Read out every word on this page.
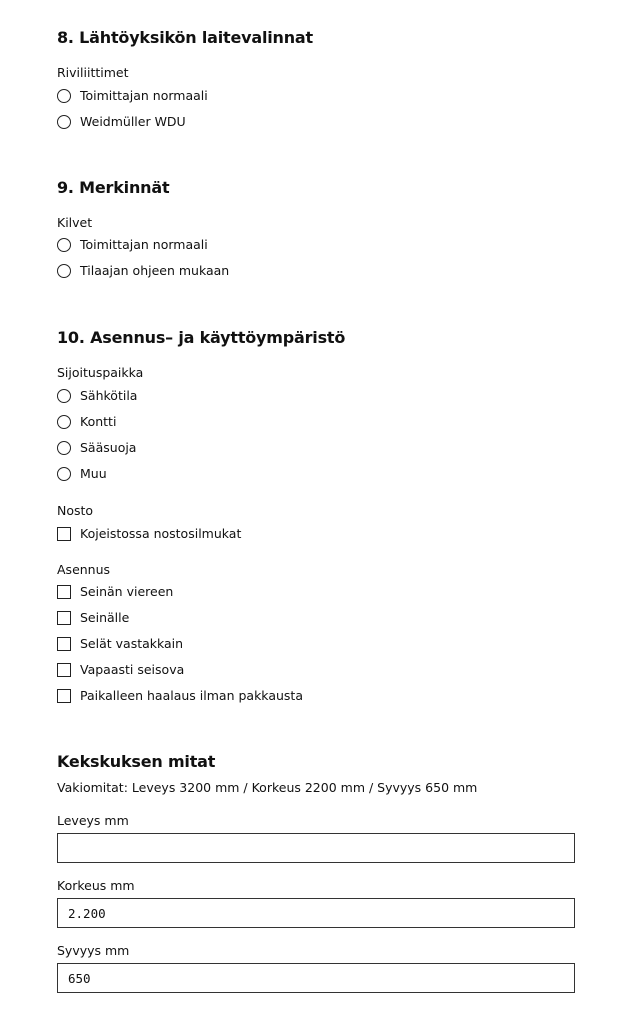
8. Lähtöyksikön laitevalinnat
Riviliittimet
Toimittajan normaali
Weidmüller WDU
9. Merkinnät
Kilvet
Toimittajan normaali
Tilaajan ohjeen mukaan
10. Asennus– ja käyttöympäristö
Sijoituspaikka
Sähkötila
Kontti
Sääsuoja
Muu
Nosto
Kojeistossa nostosilmukat
Asennus
Seinän viereen
Seinälle
Selät vastakkain
Vapaasti seisova
Paikalleen haalaus ilman pakkausta
Kekskuksen mitat
Vakiomitat: Leveys 3200 mm / Korkeus 2200 mm / Syvyys 650 mm
Leveys mm
Korkeus mm
2.200
Syvyys mm
650
